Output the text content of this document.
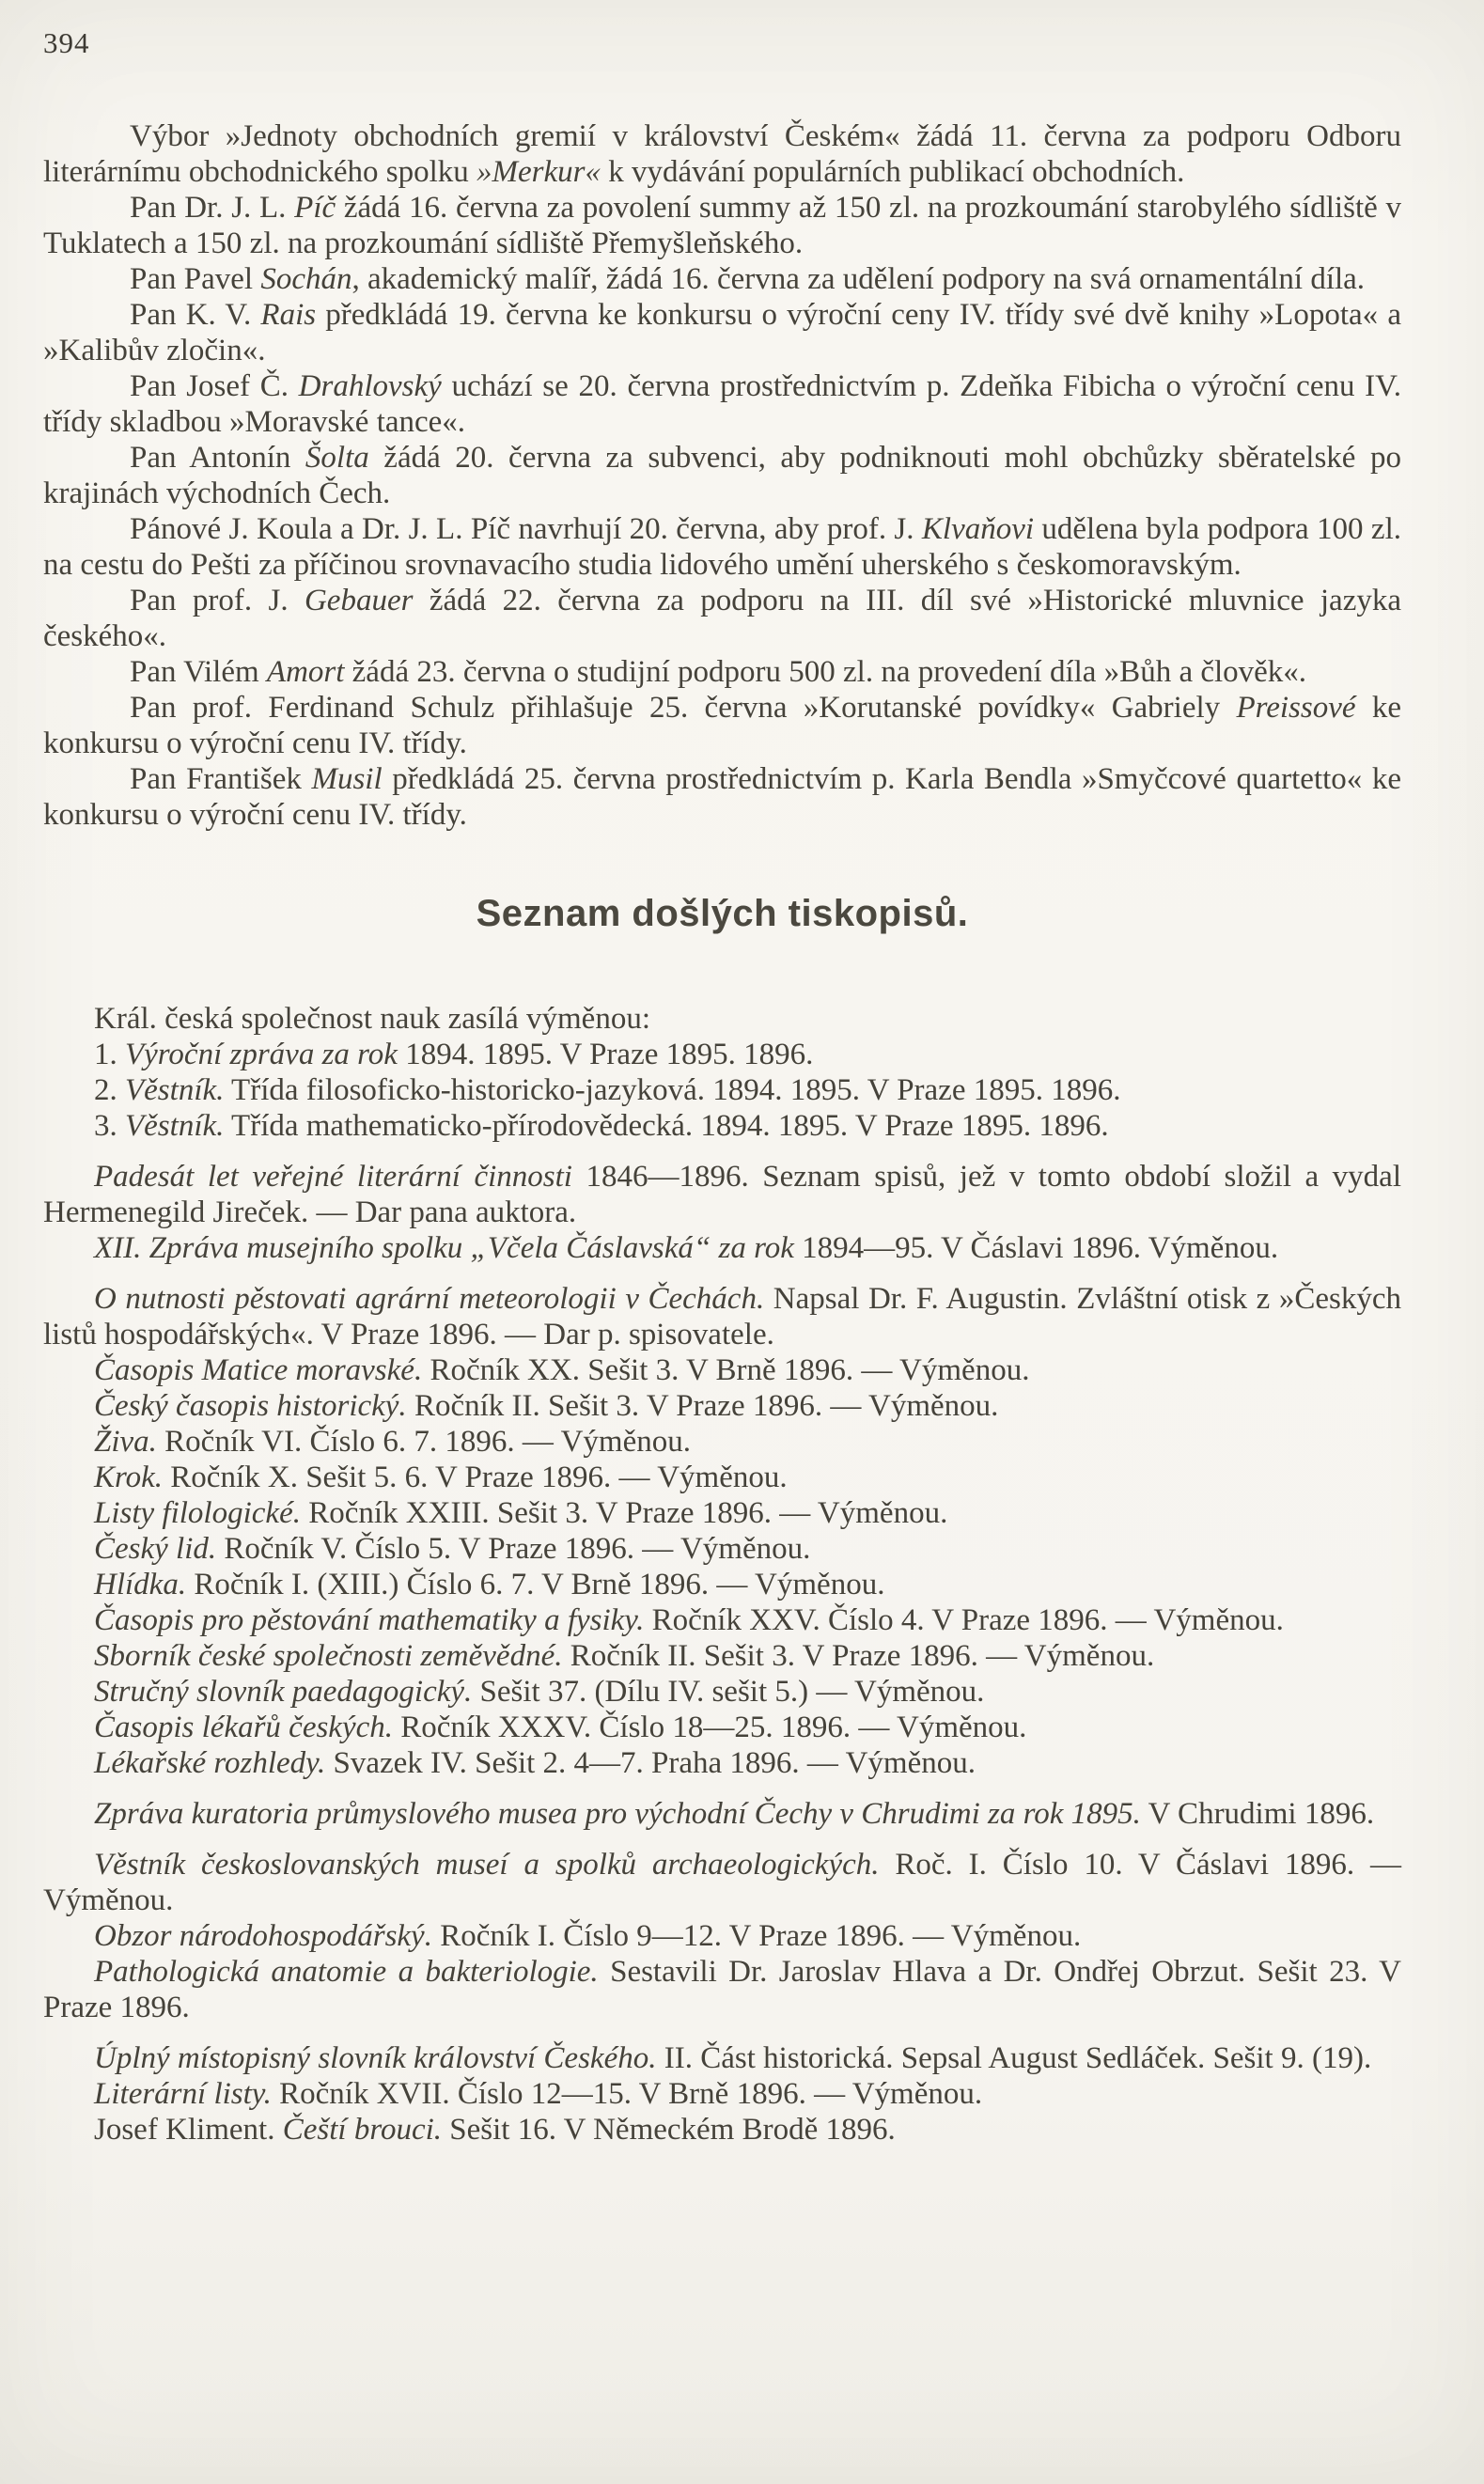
394

Výbor »Jednoty obchodních gremií v království Českém« žádá 11. června za podporu Odboru literárnímu obchodnického spolku »Merkur« k vydávání populárních publikací obchodních.

Pan Dr. J. L. Píč žádá 16. června za povolení summy až 150 zl. na prozkoumání starobylého sídliště v Tuklatech a 150 zl. na prozkoumání sídliště Přemyšleňského.

Pan Pavel Sochán, akademický malíř, žádá 16. června za udělení podpory na svá ornamentální díla.

Pan K. V. Rais předkládá 19. června ke konkursu o výroční ceny IV. třídy své dvě knihy »Lopota« a »Kalibův zločin«.

Pan Josef Č. Drahlovský uchází se 20. června prostřednictvím p. Zdeňka Fibicha o výroční cenu IV. třídy skladbou »Moravské tance«.

Pan Antonín Šolta žádá 20. června za subvenci, aby podniknouti mohl obchůzky sběratelské po krajinách východních Čech.

Pánové J. Koula a Dr. J. L. Píč navrhují 20. června, aby prof. J. Klvaňovi udělena byla podpora 100 zl. na cestu do Pešti za příčinou srovnavacího studia lidového umění uherského s českomoravským.

Pan prof. J. Gebauer žádá 22. června za podporu na III. díl své »Historické mluvnice jazyka českého«.

Pan Vilém Amort žádá 23. června o studijní podporu 500 zl. na provedení díla »Bůh a člověk«.

Pan prof. Ferdinand Schulz přihlašuje 25. června »Korutanské povídky« Gabriely Preissové ke konkursu o výroční cenu IV. třídy.

Pan František Musil předkládá 25. června prostřednictvím p. Karla Bendla »Smyčcové quartetto« ke konkursu o výroční cenu IV. třídy.

Seznam došlých tiskopisů.

Král. česká společnost nauk zasílá výměnou:

1. Výroční zpráva za rok 1894. 1895. V Praze 1895. 1896.

2. Věstník. Třída filosoficko-historicko-jazyková. 1894. 1895. V Praze 1895. 1896.

3. Věstník. Třída mathematicko-přírodovědecká. 1894. 1895. V Praze 1895. 1896.

Padesát let veřejné literární činnosti 1846—1896. Seznam spisů, jež v tomto období složil a vydal Hermenegild Jireček. — Dar pana auktora.

XII. Zpráva musejního spolku „Včela Čáslavská“ za rok 1894—95. V Čáslavi 1896. Výměnou.

O nutnosti pěstovati agrární meteorologii v Čechách. Napsal Dr. F. Augustin. Zvláštní otisk z »Českých listů hospodářských«. V Praze 1896. — Dar p. spisovatele.

Časopis Matice moravské. Ročník XX. Sešit 3. V Brně 1896. — Výměnou.

Český časopis historický. Ročník II. Sešit 3. V Praze 1896. — Výměnou.

Živa. Ročník VI. Číslo 6. 7. 1896. — Výměnou.

Krok. Ročník X. Sešit 5. 6. V Praze 1896. — Výměnou.

Listy filologické. Ročník XXIII. Sešit 3. V Praze 1896. — Výměnou.

Český lid. Ročník V. Číslo 5. V Praze 1896. — Výměnou.

Hlídka. Ročník I. (XIII.) Číslo 6. 7. V Brně 1896. — Výměnou.

Časopis pro pěstování mathematiky a fysiky. Ročník XXV. Číslo 4. V Praze 1896. — Výměnou.

Sborník české společnosti zeměvědné. Ročník II. Sešit 3. V Praze 1896. — Výměnou.

Stručný slovník paedagogický. Sešit 37. (Dílu IV. sešit 5.) — Výměnou.

Časopis lékařů českých. Ročník XXXV. Číslo 18—25. 1896. — Výměnou.

Lékařské rozhledy. Svazek IV. Sešit 2. 4—7. Praha 1896. — Výměnou.

Zpráva kuratoria průmyslového musea pro východní Čechy v Chrudimi za rok 1895. V Chrudimi 1896.

Věstník českoslovanských museí a spolků archaeologických. Roč. I. Číslo 10. V Čáslavi 1896. — Výměnou.

Obzor národohospodářský. Ročník I. Číslo 9—12. V Praze 1896. — Výměnou.

Pathologická anatomie a bakteriologie. Sestavili Dr. Jaroslav Hlava a Dr. Ondřej Obrzut. Sešit 23. V Praze 1896.

Úplný místopisný slovník království Českého. II. Část historická. Sepsal August Sedláček. Sešit 9. (19).

Literární listy. Ročník XVII. Číslo 12—15. V Brně 1896. — Výměnou.

Josef Kliment. Čeští brouci. Sešit 16. V Německém Brodě 1896.
